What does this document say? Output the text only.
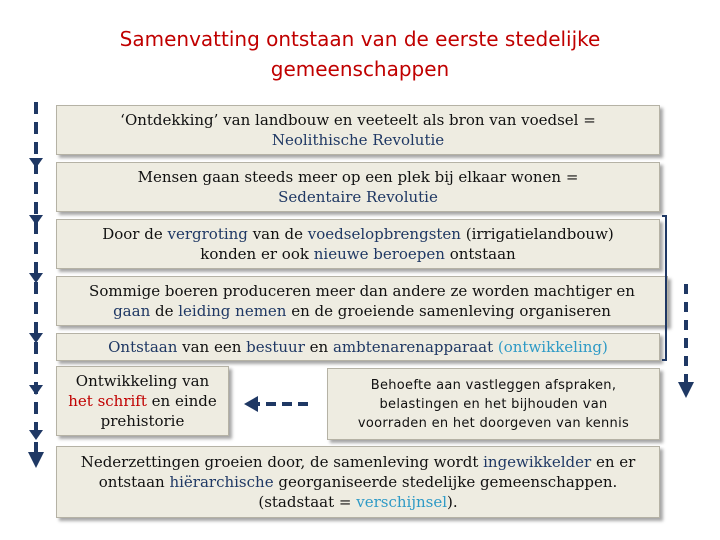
Samenvatting ontstaan van de eerste stedelijke gemeenschappen
‘Ontdekking’ van landbouw en veeteelt als bron van voedsel =
Neolithische Revolutie
Mensen gaan steeds meer op een plek bij elkaar wonen =
Sedentaire Revolutie
Door de vergroting van de voedselopbrengsten (irrigatielandbouw)
konden er ook nieuwe beroepen ontstaan
Sommige boeren produceren meer dan andere ze worden machtiger en
gaan de leiding nemen en de groeiende samenleving organiseren
Ontstaan van een bestuur en ambtenarenapparaat (ontwikkeling)
Ontwikkeling van
het schrift en einde
prehistorie
Behoefte aan vastleggen afspraken,
belastingen en het bijhouden van
voorraden en het doorgeven van kennis
Nederzettingen groeien door, de samenleving wordt ingewikkelder en er
ontstaan hiërarchische georganiseerde stedelijke gemeenschappen.
(stadstaat = verschijnsel).
